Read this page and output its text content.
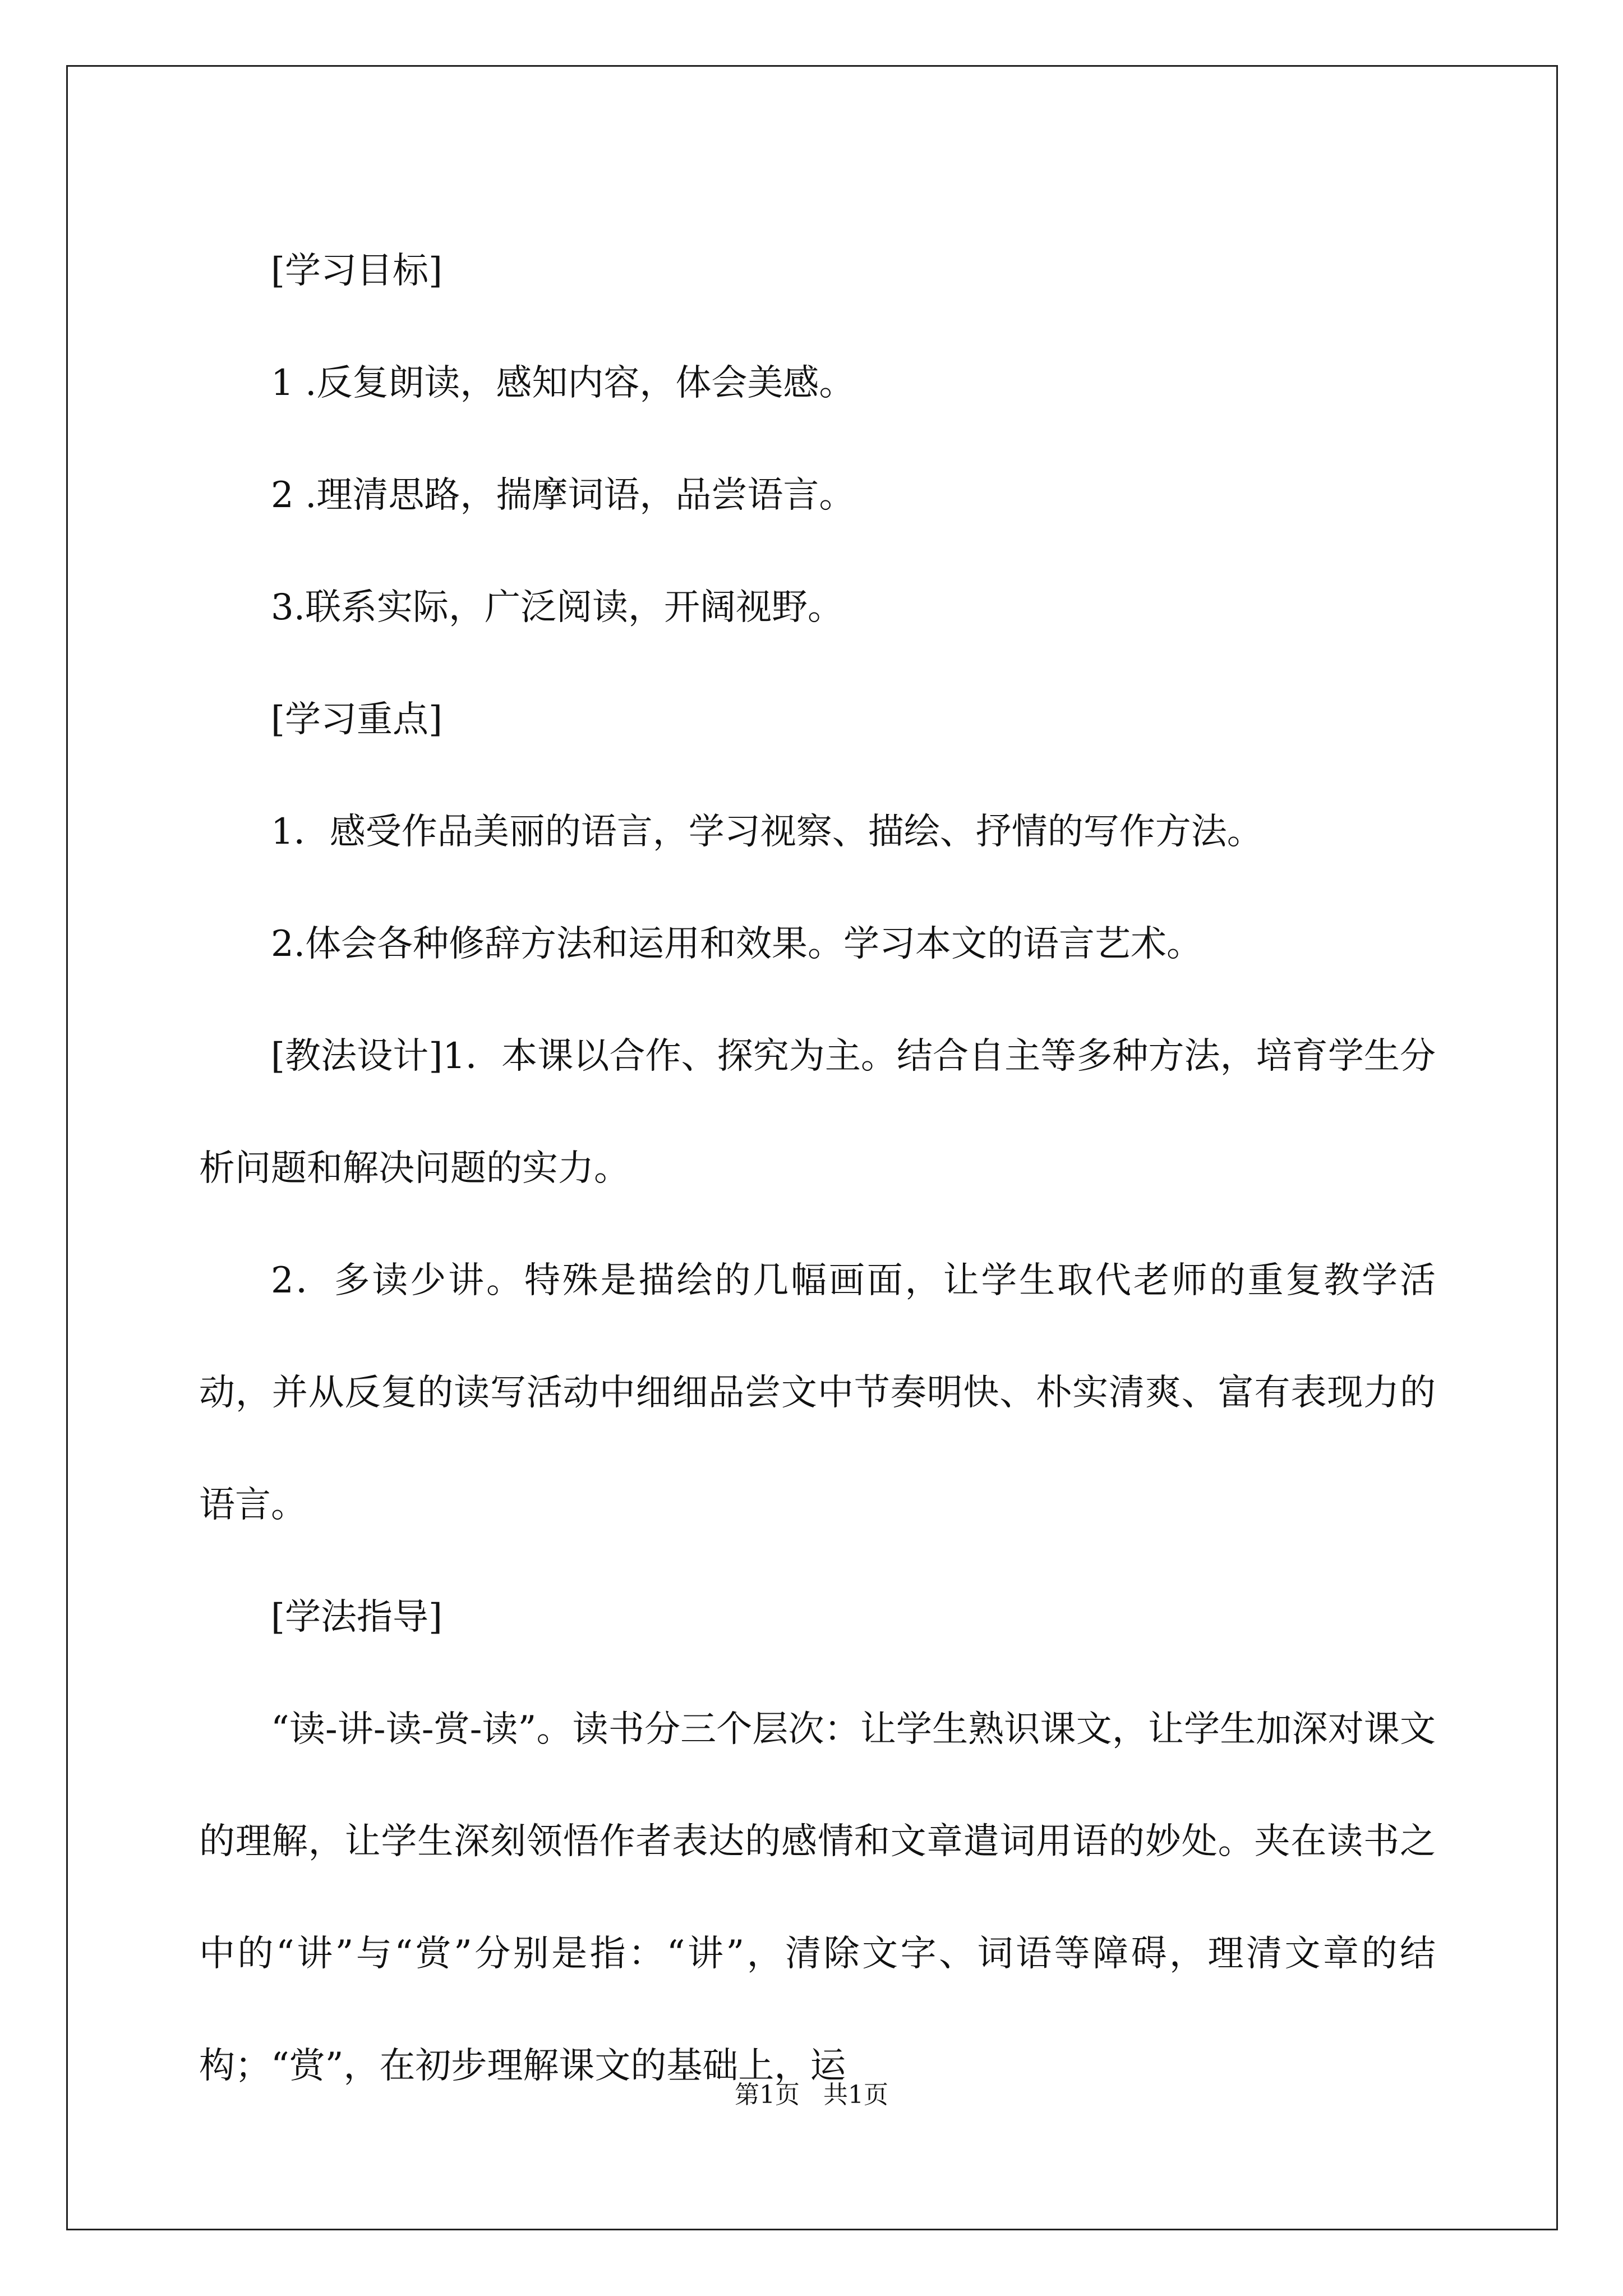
[学习目标]

1 .反复朗读，感知内容，体会美感。

2 .理清思路，揣摩词语，品尝语言。

3.联系实际，广泛阅读，开阔视野。

[学习重点]

1．感受作品美丽的语言，学习视察、描绘、抒情的写作方法。

2.体会各种修辞方法和运用和效果。学习本文的语言艺术。

[教法设计]1．本课以合作、探究为主。结合自主等多种方法，培育学生分析问题和解决问题的实力。

2．多读少讲。特殊是描绘的几幅画面，让学生取代老师的重复教学活动，并从反复的读写活动中细细品尝文中节奏明快、朴实清爽、富有表现力的语言。

[学法指导]

“读-讲-读-赏-读”。读书分三个层次：让学生熟识课文，让学生加深对课文的理解，让学生深刻领悟作者表达的感情和文章遣词用语的妙处。夹在读书之中的“讲”与“赏”分别是指：“讲”，清除文字、词语等障碍，理清文章的结构；“赏”，在初步理解课文的基础上，运

第1页   共1页
